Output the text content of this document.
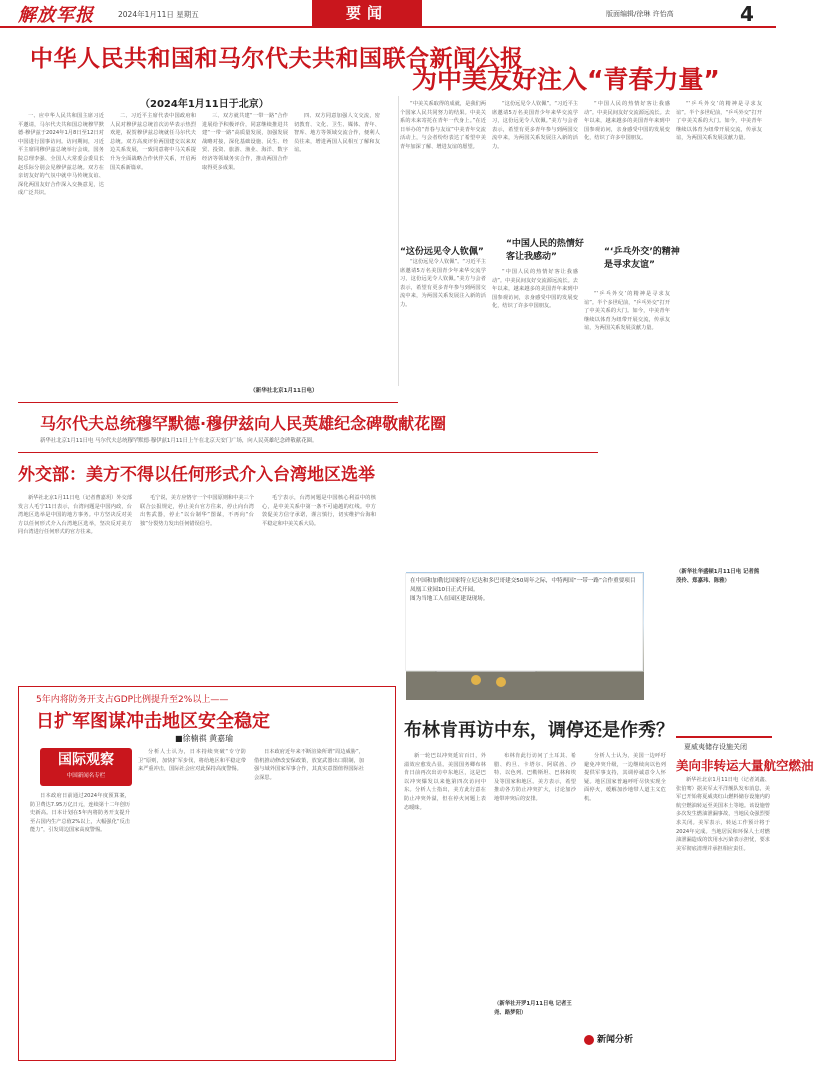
解放军报	2024年1月11日 星期五	要闻	版面编辑/徐琳 许怡高	4
中华人民共和国和马尔代夫共和国联合新闻公报
（2024年1月11日于北京）
一、应中华人民共和国主席习近平邀请，马尔代夫共和国总统穆罕默德·穆伊兹于2024年1月8日至12日对中国进行国事访问。访问期间，习近平主席同穆伊兹总统举行会谈，国务院总理李强、全国人大常委会委员长赵乐际分别会见穆伊兹总统。双方在亲切友好的气氛中就中马传统友谊、深化两国友好合作深入交换意见，达成广泛共识。
二、习近平主席代表中国政府和人民对穆伊兹总统首次访华表示热烈欢迎，祝贺穆伊兹总统就任马尔代夫总统。双方高度评价两国建交以来双边关系发展，一致同意将中马关系提升为全面战略合作伙伴关系，开启两国关系新篇章。
三、双方就共建“一带一路”合作进展给予积极评价，同意继续推进共建“一带一路”高质量发展，加强发展战略对接，深化基础设施、民生、经贸、投资、旅游、渔业、海洋、数字经济等领域务实合作，推动两国合作取得更多成果。
四、双方同意加强人文交流，密切教育、文化、卫生、媒体、青年、智库、地方等领域交流合作，便利人员往来，增进两国人民相互了解和友谊。
为中美友好注入“青春力量”
“中美关系取得的成就，是我们两个国家人民共同努力的结果。中美关系的未来寄托在青年一代身上。”在近日举办的“青春与友谊”中美青年交流活动上，与会者纷纷表达了希望中美青年加深了解、增进友谊的愿望。
“这份远见令人钦佩”
“这份远见令人钦佩”。“习近平主席邀请5万名美国青少年来华交流学习，这份远见令人钦佩。”美方与会者表示，希望有更多青年参与到两国交流中来，为两国关系发展注入新的活力。
“这份远见令人钦佩”。“习近平主席邀请5万名美国青少年来华交流学习，这份远见令人钦佩。”美方与会者表示，希望有更多青年参与到两国交流中来，为两国关系发展注入新的活力。
“中国人民的热情好客让我感动”
“中国人民的热情好客让我感动”。中美民间友好交流源远流长。去年以来，越来越多的美国青年来到中国参观访问，亲身感受中国的发展变化，结识了许多中国朋友。
“中国人民的热情好客让我感动”。中美民间友好交流源远流长。去年以来，越来越多的美国青年来到中国参观访问，亲身感受中国的发展变化，结识了许多中国朋友。
“‘乒乓外交’的精神是寻求友谊”
“‘乒乓外交’的精神是寻求友谊”。半个多世纪前，“乒乓外交”打开了中美关系的大门。如今，中美青年继续以体育为纽带开展交流，传承友谊，为两国关系发展贡献力量。
“‘乒乓外交’的精神是寻求友谊”。半个多世纪前，“乒乓外交”打开了中美关系的大门。如今，中美青年继续以体育为纽带开展交流，传承友谊，为两国关系发展贡献力量。
（新华社华盛顿1月11日电 记者熊茂伶、郑嘉玮、陈雅）
（新华社北京1月11日电）
马尔代夫总统穆罕默德·穆伊兹向人民英雄纪念碑敬献花圈
新华社北京1月11日电 马尔代夫总统穆罕默德·穆伊兹1月11日上午在北京天安门广场，向人民英雄纪念碑敬献花圈。
外交部：美方不得以任何形式介入台湾地区选举
新华社北京1月11日电（记者曹嘉玥）外交部发言人毛宁11日表示，台湾问题是中国内政，台湾地区选举是中国的地方事务。中方坚决反对美方以任何形式介入台湾地区选举，坚决反对美方同台湾进行任何形式的官方往来。
毛宁说，美方应恪守一个中国原则和中美三个联合公报规定，停止美台官方往来，停止向台湾出售武器，停止“以台制华”图谋，不再向“台独”分裂势力发出任何错误信号。
毛宁表示，台湾问题是中国核心利益中的核心，是中美关系中第一条不可逾越的红线。中方敦促美方信守承诺，谨言慎行，切实维护台海和平稳定和中美关系大局。
5年内将防务开支占GDP比例提升至2%以上——
日扩军图谋冲击地区安全稳定
■徐楠祺 黄嘉瑜
国际观察
中国新闻名专栏
日本政府日前通过2024年度预算案，防卫费达7.95万亿日元，连续第十二年创历史新高。日本计划在5年内将防务开支提升至占国内生产总值2%以上，大幅强化“反击能力”，引发周边国家高度警惕。
分析人士认为，日本持续突破“专守防卫”原则，加快扩军步伐，将给地区和平稳定带来严重冲击，国际社会应对此保持高度警惕。
日本政府近年来不断渲染所谓“周边威胁”，借机推动修改安保政策，放宽武器出口限制，加强与域外国家军事合作，其真实意图值得国际社会深思。
在中国和加勒比国家特立尼达和多巴哥建交50周年之际，中特两国“一带一路”合作重要项目凤凰工业园10日正式开园。
图为当地工人在园区建设现场。
布林肯再访中东，调停还是作秀？
新一轮巴以冲突延宕百日，外溢效应愈发凸显。美国国务卿布林肯日前再次出访中东地区，这是巴以冲突爆发以来他第四次访问中东。分析人士指出，美方此行意在防止冲突外溢，但在停火问题上表态暧昧。
布林肯此行访问了土耳其、希腊、约旦、卡塔尔、阿联酋、沙特、以色列、巴勒斯坦、巴林和埃及等国家和地区。美方表示，希望推动各方防止冲突扩大，讨论加沙地带冲突后的安排。
分析人士认为，美国一边呼吁避免冲突升级，一边继续向以色列提供军事支持，其调停诚意令人怀疑。地区国家普遍呼吁尽快实现全面停火，缓解加沙地带人道主义危机。
（新华社开罗1月11日电 记者王尧、路梦阳）
新闻分析
夏威夷储存设施关闭
美向非转运大量航空燃油
新华社北京1月11日电（记者刘鑫、张伯骞）据美军太平洋舰队发布消息，美军已开始将夏威夷红山燃料储存设施内的航空燃油转运至美国本土等地。该设施曾多次发生燃油泄漏事故，当地民众强烈要求关闭。美军表示，转运工作预计将于2024年完成。当地居民和环保人士对燃油泄漏造成的饮用水污染表示担忧，要求美军彻底清理并承担相应责任。
